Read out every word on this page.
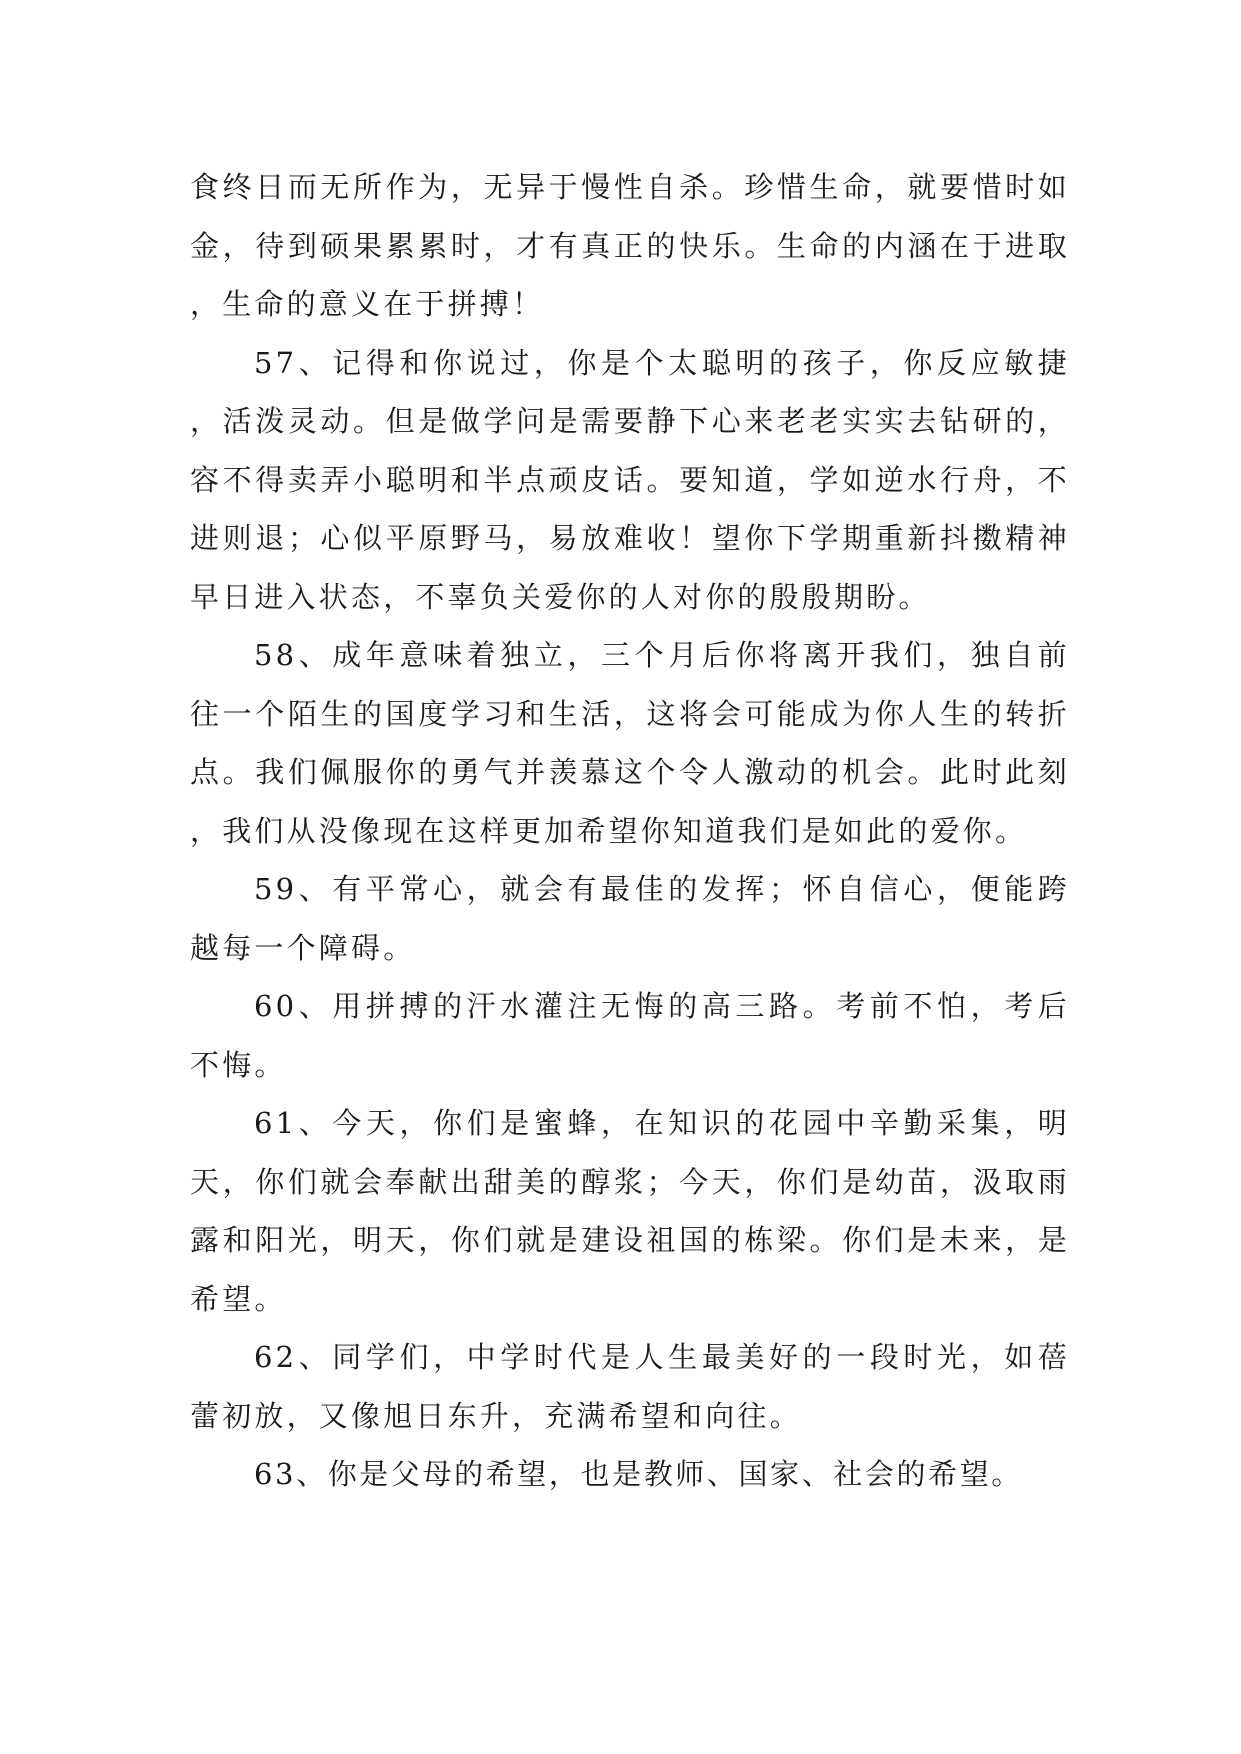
食终日而无所作为，无异于慢性自杀。珍惜生命，就要惜时如金，待到硕果累累时，才有真正的快乐。生命的内涵在于进取，生命的意义在于拼搏！

57、记得和你说过，你是个太聪明的孩子，你反应敏捷，活泼灵动。但是做学问是需要静下心来老老实实去钻研的，容不得卖弄小聪明和半点顽皮话。要知道，学如逆水行舟，不进则退；心似平原野马，易放难收！望你下学期重新抖擞精神早日进入状态，不辜负关爱你的人对你的殷殷期盼。

58、成年意味着独立，三个月后你将离开我们，独自前往一个陌生的国度学习和生活，这将会可能成为你人生的转折点。我们佩服你的勇气并羡慕这个令人激动的机会。此时此刻，我们从没像现在这样更加希望你知道我们是如此的爱你。

59、有平常心，就会有最佳的发挥；怀自信心，便能跨越每一个障碍。

60、用拼搏的汗水灌注无悔的高三路。考前不怕，考后不悔。

61、今天，你们是蜜蜂，在知识的花园中辛勤采集，明天，你们就会奉献出甜美的醇浆；今天，你们是幼苗，汲取雨露和阳光，明天，你们就是建设祖国的栋梁。你们是未来，是希望。

62、同学们，中学时代是人生最美好的一段时光，如蓓蕾初放，又像旭日东升，充满希望和向往。

63、你是父母的希望，也是教师、国家、社会的希望。
